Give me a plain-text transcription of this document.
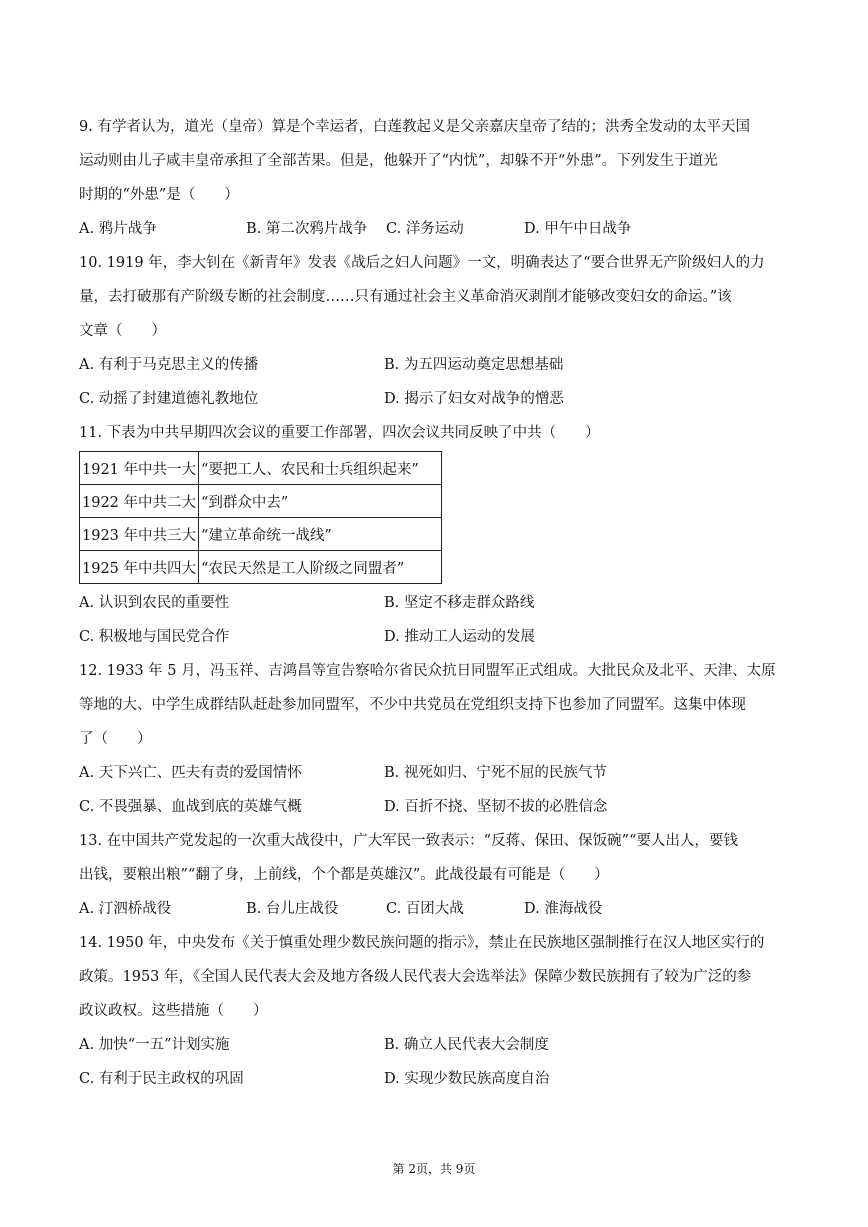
9. 有学者认为，道光（皇帝）算是个幸运者，白莲教起义是父亲嘉庆皇帝了结的；洪秀全发动的太平天国
运动则由儿子咸丰皇帝承担了全部苦果。但是，他躲开了“内忧”，却躲不开“外患”。下列发生于道光
时期的“外患”是（　　）
A. 鸦片战争	B. 第二次鸦片战争	C. 洋务运动	D. 甲午中日战争
10. 1919 年，李大钊在《新青年》发表《战后之妇人问题》一文，明确表达了“要合世界无产阶级妇人的力
量，去打破那有产阶级专断的社会制度……只有通过社会主义革命消灭剥削才能够改变妇女的命运。”该
文章（　　）
A. 有利于马克思主义的传播	B. 为五四运动奠定思想基础
C. 动摇了封建道德礼教地位	D. 揭示了妇女对战争的憎恶
11. 下表为中共早期四次会议的重要工作部署，四次会议共同反映了中共（　　）
1921 年中共一大	“要把工人、农民和士兵组织起来”
1922 年中共二大	“到群众中去”
1923 年中共三大	“建立革命统一战线”
1925 年中共四大	“农民天然是工人阶级之同盟者”
A. 认识到农民的重要性	B. 坚定不移走群众路线
C. 积极地与国民党合作	D. 推动工人运动的发展
12. 1933 年 5 月，冯玉祥、吉鸿昌等宣告察哈尔省民众抗日同盟军正式组成。大批民众及北平、天津、太原
等地的大、中学生成群结队赶赴参加同盟军，不少中共党员在党组织支持下也参加了同盟军。这集中体现
了（　　）
A. 天下兴亡、匹夫有责的爱国情怀	B. 视死如归、宁死不屈的民族气节
C. 不畏强暴、血战到底的英雄气概	D. 百折不挠、坚韧不拔的必胜信念
13. 在中国共产党发起的一次重大战役中，广大军民一致表示：“反蒋、保田、保饭碗”“要人出人，要钱
出钱，要粮出粮”“翻了身，上前线，个个都是英雄汉”。此战役最有可能是（　　）
A. 汀泗桥战役	B. 台儿庄战役	C. 百团大战	D. 淮海战役
14. 1950 年，中央发布《关于慎重处理少数民族问题的指示》，禁止在民族地区强制推行在汉人地区实行的
政策。1953 年，《全国人民代表大会及地方各级人民代表大会选举法》保障少数民族拥有了较为广泛的参
政议政权。这些措施（　　）
A. 加快“一五”计划实施	B. 确立人民代表大会制度
C. 有利于民主政权的巩固	D. 实现少数民族高度自治
第 2页，共 9页
